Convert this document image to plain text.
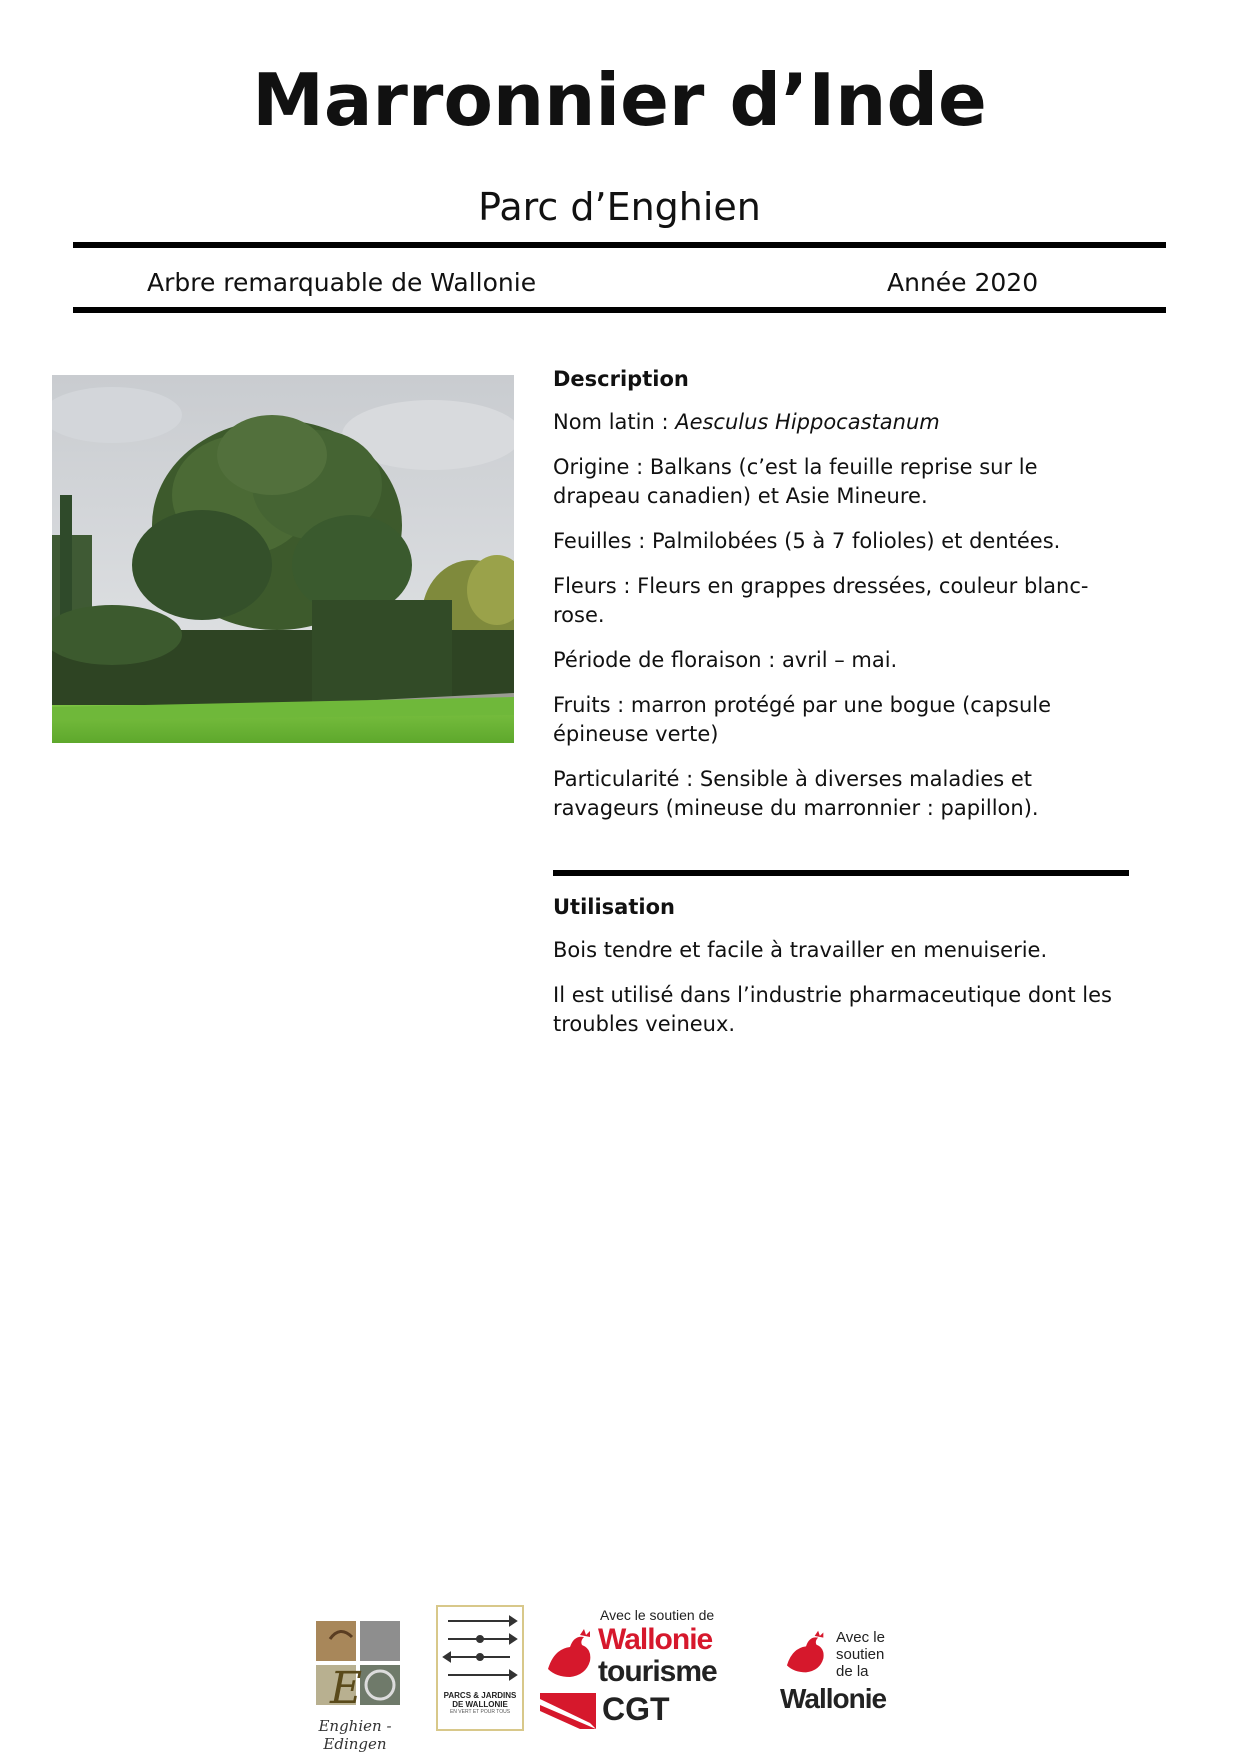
Marronnier d’Inde
Parc d’Enghien
Arbre remarquable de Wallonie	Année 2020
Description

Nom latin : Aesculus Hippocastanum

Origine : Balkans (c’est la feuille reprise sur le drapeau canadien) et Asie Mineure.

Feuilles : Palmilobées (5 à 7 folioles) et dentées.

Fleurs : Fleurs en grappes dressées, couleur blanc-rose.

Période de floraison : avril – mai.

Fruits : marron protégé par une bogue (capsule épineuse verte)

Particularité : Sensible à diverses maladies et ravageurs (mineuse du marronnier : papillon).

Utilisation

Bois tendre et facile à travailler en menuiserie.

Il est utilisé dans l’industrie pharmaceutique dont les troubles veineux.

E
Enghien - Edingen
PARCS & JARDINS
DE WALLONIE
EN VERT ET POUR TOUS
Avec le soutien de
Wallonie
tourisme
CGT
Avec le
soutien
de la
Wallonie
